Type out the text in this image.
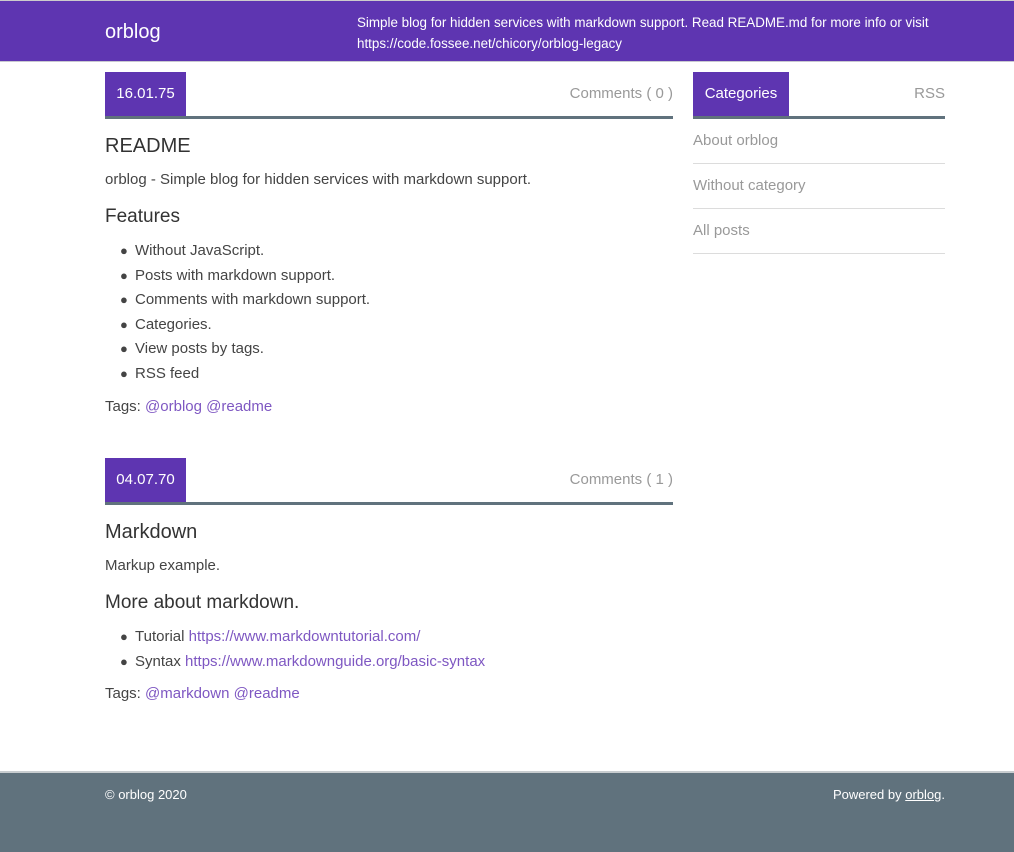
orblog	Simple blog for hidden services with markdown support. Read README.md for more info or visit https://code.fossee.net/chicory/orblog-legacy
16.01.75	Comments ( 0 )
README

orblog - Simple blog for hidden services with markdown support.

Features
● Without JavaScript.
● Posts with markdown support.
● Comments with markdown support.
● Categories.
● View posts by tags.
● RSS feed

Tags: @orblog @readme

04.07.70	Comments ( 1 )
Markdown

Markup example.

More about markdown.
● Tutorial https://www.markdowntutorial.com/
● Syntax https://www.markdownguide.org/basic-syntax

Tags: @markdown @readme

Categories	RSS
About orblog
Without category
All posts
© orblog 2020	Powered by orblog.
